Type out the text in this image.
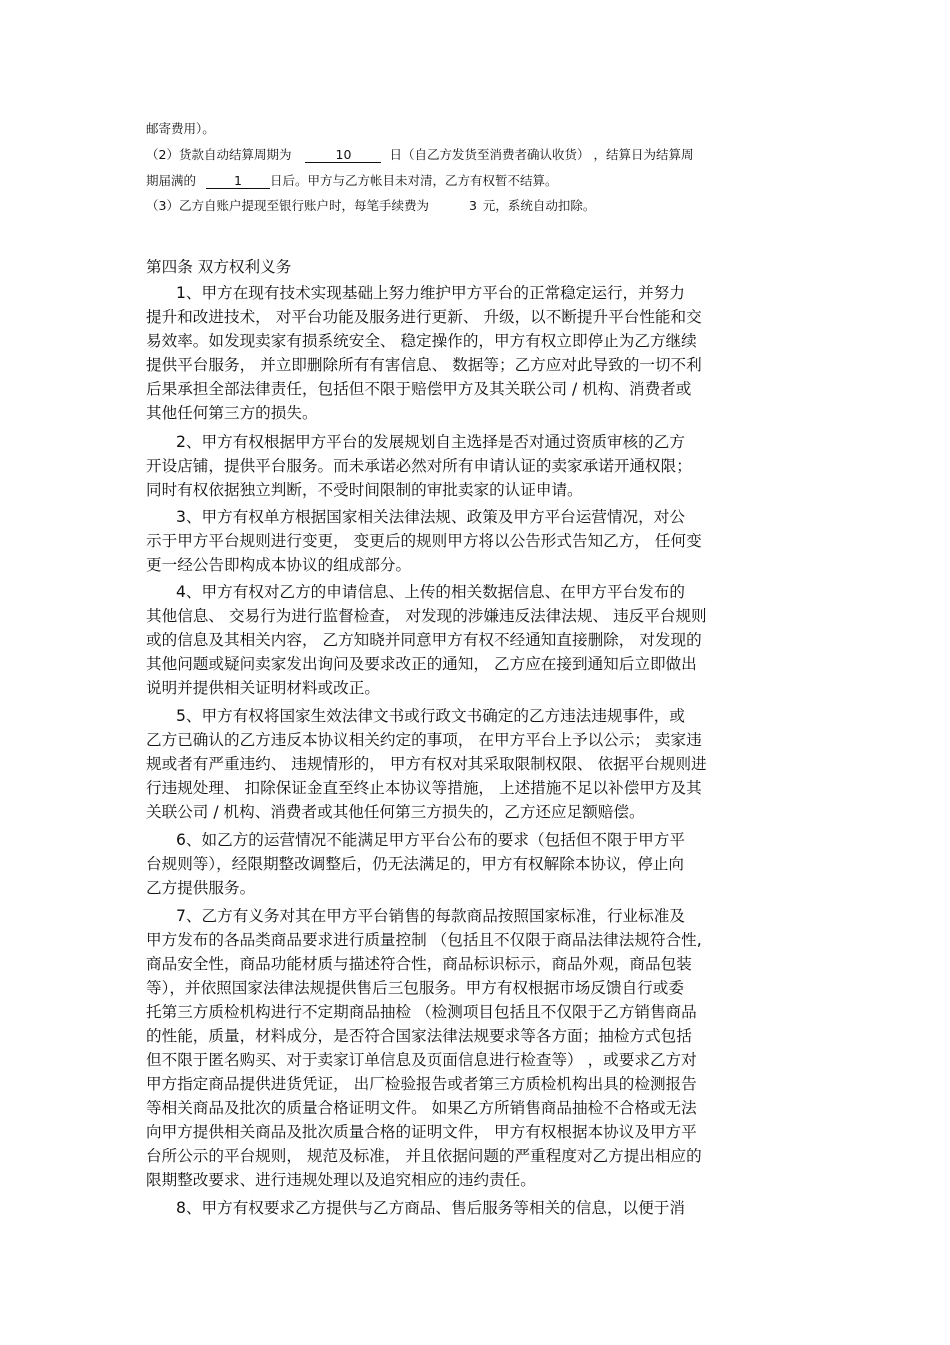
邮寄费用）。
（2）货款自动结算周期为	10	日（自乙方发货至消费者确认收货） ，结算日为结算周
期届满的	1 日后。甲方与乙方帐目未对清，乙方有权暂不结算。
（3）乙方自账户提现至银行账户时，每笔手续费为	3 元，系统自动扣除。
第四条 双方权利义务
1、甲方在现有技术实现基础上努力维护甲方平台的正常稳定运行，并努力
提升和改进技术， 对平台功能及服务进行更新、 升级，以不断提升平台性能和交
易效率。如发现卖家有损系统安全、 稳定操作的，甲方有权立即停止为乙方继续
提供平台服务， 并立即删除所有有害信息、 数据等；乙方应对此导致的一切不利
后果承担全部法律责任，包括但不限于赔偿甲方及其关联公司 / 机构、消费者或
其他任何第三方的损失。
2、甲方有权根据甲方平台的发展规划自主选择是否对通过资质审核的乙方
开设店铺，提供平台服务。而未承诺必然对所有申请认证的卖家承诺开通权限；
同时有权依据独立判断，不受时间限制的审批卖家的认证申请。
3、甲方有权单方根据国家相关法律法规、政策及甲方平台运营情况，对公
示于甲方平台规则进行变更， 变更后的规则甲方将以公告形式告知乙方， 任何变
更一经公告即构成本协议的组成部分。
4、甲方有权对乙方的申请信息、上传的相关数据信息、在甲方平台发布的
其他信息、 交易行为进行监督检查， 对发现的涉嫌违反法律法规、 违反平台规则
或的信息及其相关内容， 乙方知晓并同意甲方有权不经通知直接删除， 对发现的
其他问题或疑问卖家发出询问及要求改正的通知， 乙方应在接到通知后立即做出
说明并提供相关证明材料或改正。
5、甲方有权将国家生效法律文书或行政文书确定的乙方违法违规事件，或
乙方已确认的乙方违反本协议相关约定的事项， 在甲方平台上予以公示； 卖家违
规或者有严重违约、 违规情形的， 甲方有权对其采取限制权限、 依据平台规则进
行违规处理、 扣除保证金直至终止本协议等措施， 上述措施不足以补偿甲方及其
关联公司 / 机构、消费者或其他任何第三方损失的，乙方还应足额赔偿。
6、如乙方的运营情况不能满足甲方平台公布的要求（包括但不限于甲方平
台规则等），经限期整改调整后，仍无法满足的，甲方有权解除本协议，停止向
乙方提供服务。
7、乙方有义务对其在甲方平台销售的每款商品按照国家标准，行业标准及
甲方发布的各品类商品要求进行质量控制 （包括且不仅限于商品法律法规符合性,
商品安全性，商品功能材质与描述符合性，商品标识标示，商品外观，商品包装
等），并依照国家法律法规提供售后三包服务。甲方有权根据市场反馈自行或委
托第三方质检机构进行不定期商品抽检 （检测项目包括且不仅限于乙方销售商品
的性能，质量，材料成分，是否符合国家法律法规要求等各方面；抽检方式包括
但不限于匿名购买、对于卖家订单信息及页面信息进行检查等） ，或要求乙方对
甲方指定商品提供进货凭证， 出厂检验报告或者第三方质检机构出具的检测报告
等相关商品及批次的质量合格证明文件。 如果乙方所销售商品抽检不合格或无法
向甲方提供相关商品及批次质量合格的证明文件， 甲方有权根据本协议及甲方平
台所公示的平台规则， 规范及标准， 并且依据问题的严重程度对乙方提出相应的
限期整改要求、进行违规处理以及追究相应的违约责任。
8、甲方有权要求乙方提供与乙方商品、售后服务等相关的信息，以便于消
